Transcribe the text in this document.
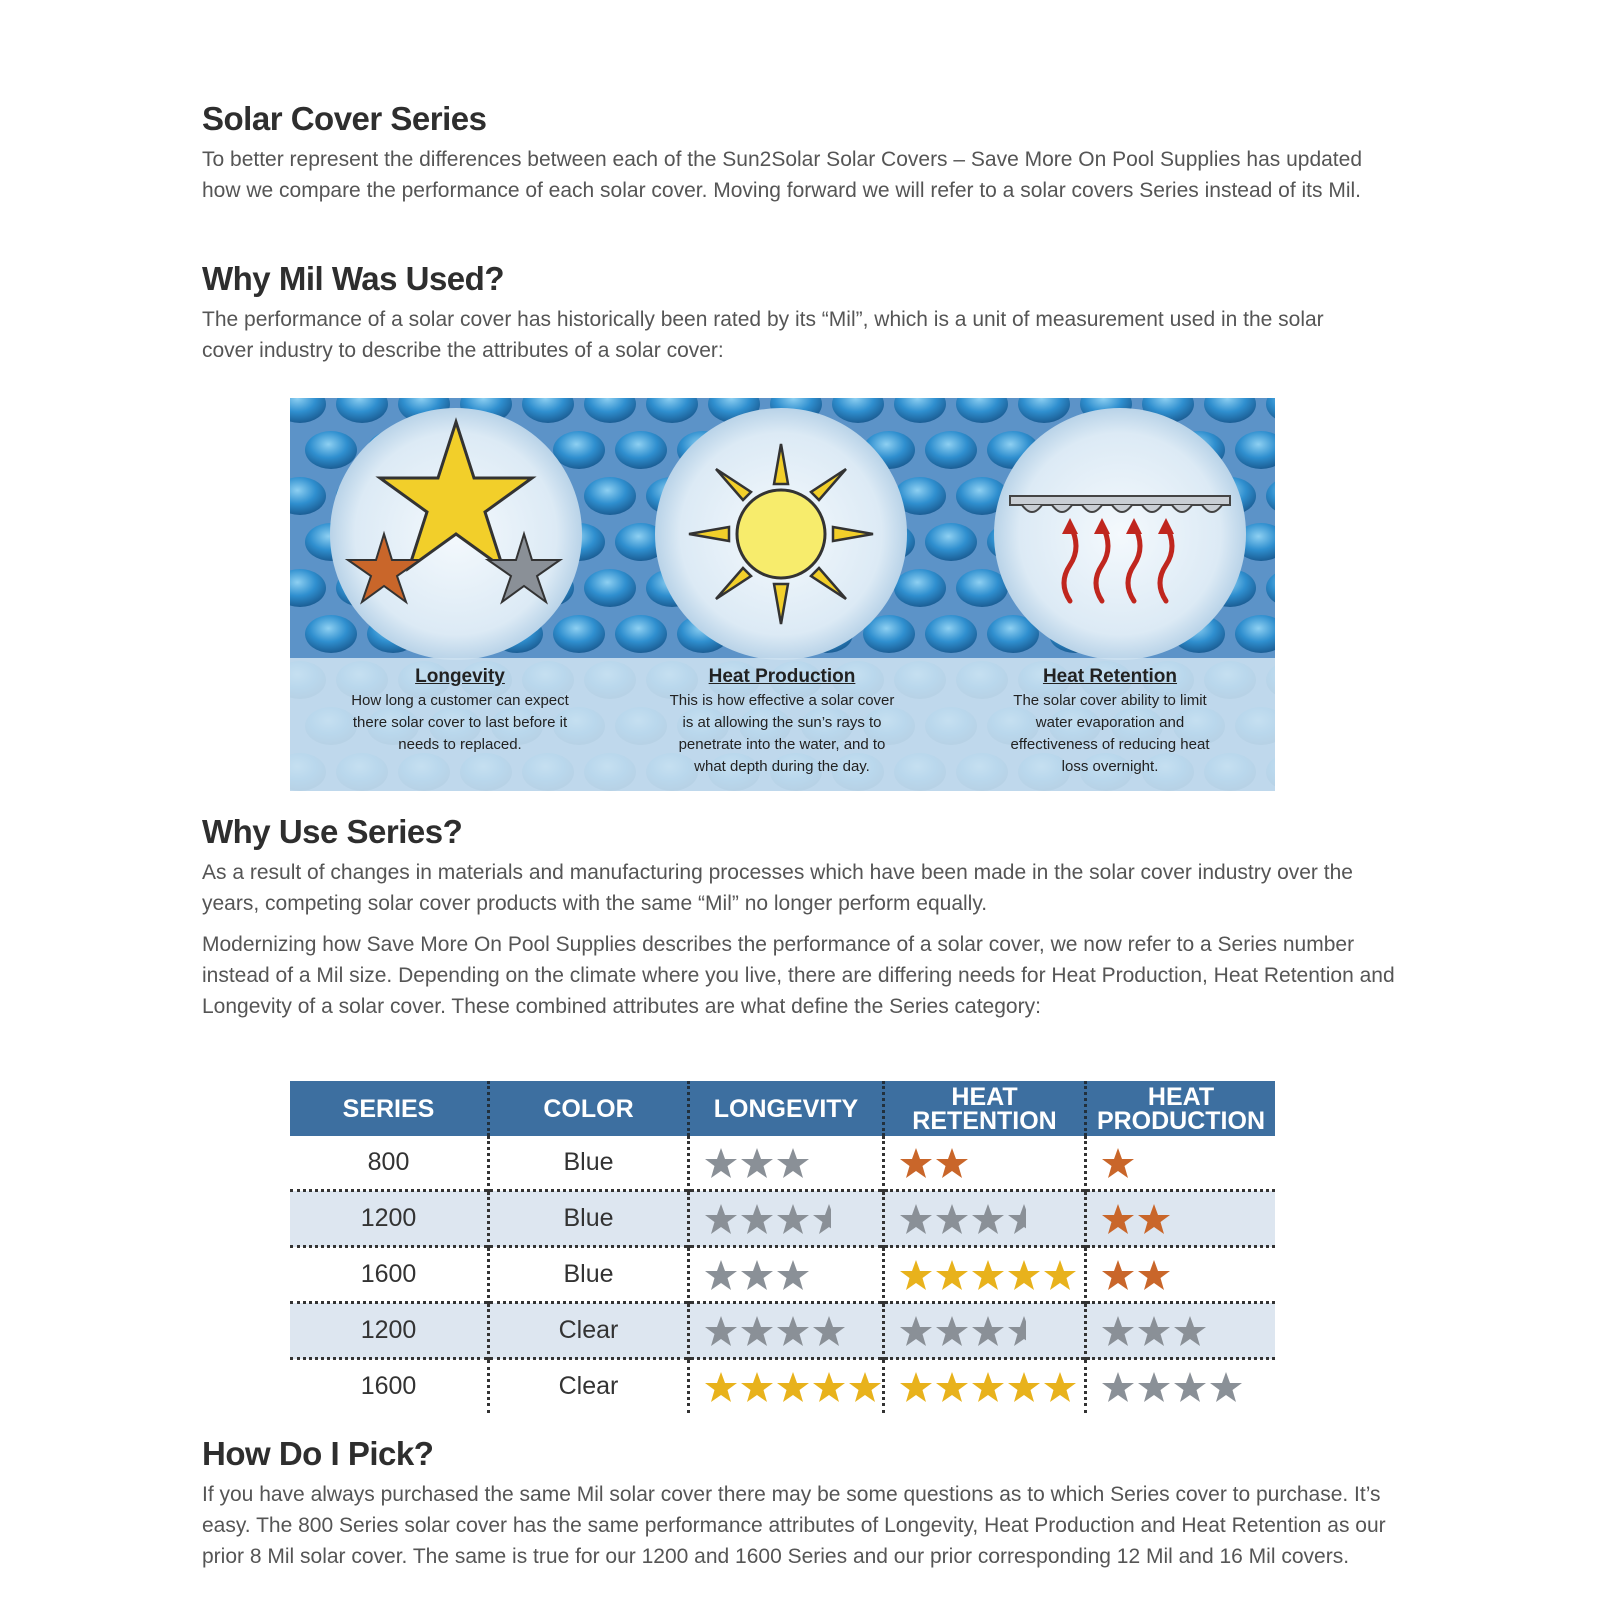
Solar Cover Series

To better represent the differences between each of the Sun2Solar Solar Covers – Save More On Pool Supplies has updated how we compare the performance of each solar cover. Moving forward we will refer to a solar covers Series instead of its Mil.

Why Mil Was Used?

The performance of a solar cover has historically been rated by its “Mil”, which is a unit of measurement used in the solar cover industry to describe the attributes of a solar cover:

Why Use Series?

As a result of changes in materials and manufacturing processes which have been made in the solar cover industry over the years, competing solar cover products with the same “Mil” no longer perform equally.

Modernizing how Save More On Pool Supplies describes the performance of a solar cover, we now refer to a Series number instead of a Mil size. Depending on the climate where you live, there are differing needs for Heat Production, Heat Retention and Longevity of a solar cover. These combined attributes are what define the Series category:

How Do I Pick?

If you have always purchased the same Mil solar cover there may be some questions as to which Series cover to purchase. It’s easy. The 800 Series solar cover has the same performance attributes of Longevity, Heat Production and Heat Retention as our prior 8 Mil solar cover. The same is true for our 1200 and 1600 Series and our prior corresponding 12 Mil and 16 Mil covers.

Longevity
How long a customer can expect
there solar cover to last before it
needs to replaced.
Heat Production
This is how effective a solar cover
is at allowing the sun’s rays to
penetrate into the water, and to
what depth during the day.
Heat Retention
The solar cover ability to limit
water evaporation and
effectiveness of reducing heat
loss overnight.
SERIES	COLOR	LONGEVITY	HEAT RETENTION	HEAT PRODUCTION
800	Blue	

1200	Blue	

1600	Blue	

1200	Clear	

1600	Clear	
